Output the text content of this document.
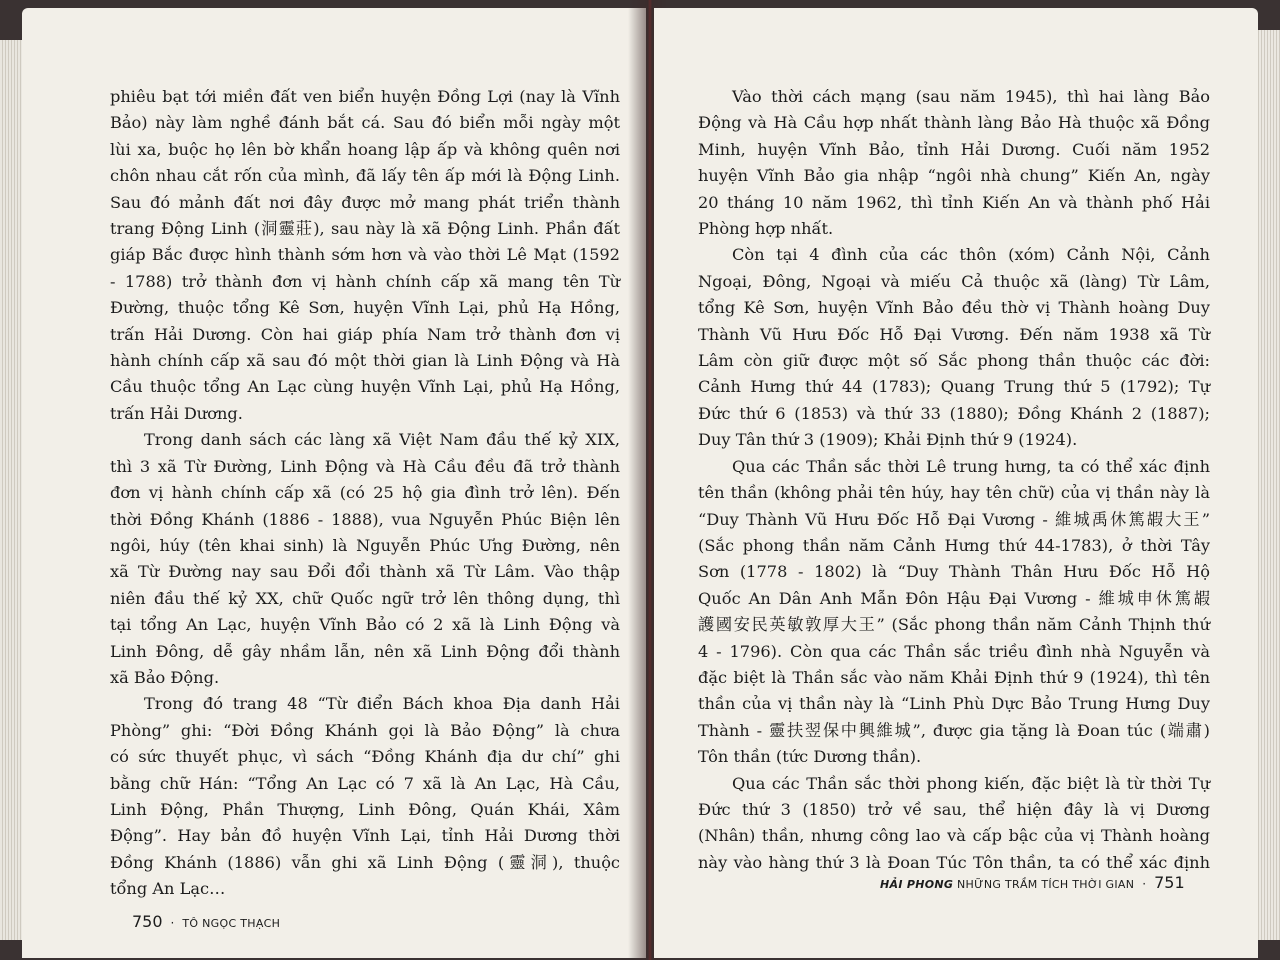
phiêu bạt tới miền đất ven biển huyện Đồng Lợi (nay là Vĩnh
Bảo) này làm nghề đánh bắt cá. Sau đó biển mỗi ngày một
lùi xa, buộc họ lên bờ khẩn hoang lập ấp và không quên nơi
chôn nhau cắt rốn của mình, đã lấy tên ấp mới là Động Linh.
Sau đó mảnh đất nơi đây được mở mang phát triển thành
trang Động Linh (洞靈莊), sau này là xã Động Linh. Phần đất
giáp Bắc được hình thành sớm hơn và vào thời Lê Mạt (1592
- 1788) trở thành đơn vị hành chính cấp xã mang tên Từ
Đường, thuộc tổng Kê Sơn, huyện Vĩnh Lại, phủ Hạ Hồng,
trấn Hải Dương. Còn hai giáp phía Nam trở thành đơn vị
hành chính cấp xã sau đó một thời gian là Linh Động và Hà
Cầu thuộc tổng An Lạc cùng huyện Vĩnh Lại, phủ Hạ Hồng,
trấn Hải Dương.
Trong danh sách các làng xã Việt Nam đầu thế kỷ XIX,
thì 3 xã Từ Đường, Linh Động và Hà Cầu đều đã trở thành
đơn vị hành chính cấp xã (có 25 hộ gia đình trở lên). Đến
thời Đồng Khánh (1886 - 1888), vua Nguyễn Phúc Biện lên
ngôi, húy (tên khai sinh) là Nguyễn Phúc Ưng Đường, nên
xã Từ Đường nay sau Đổi đổi thành xã Từ Lâm. Vào thập
niên đầu thế kỷ XX, chữ Quốc ngữ trở lên thông dụng, thì
tại tổng An Lạc, huyện Vĩnh Bảo có 2 xã là Linh Động và
Linh Đông, dễ gây nhầm lẫn, nên xã Linh Động đổi thành
xã Bảo Động.
Trong đó trang 48 “Từ điển Bách khoa Địa danh Hải
Phòng” ghi: “Đời Đồng Khánh gọi là Bảo Động” là chưa
có sức thuyết phục, vì sách “Đồng Khánh địa dư chí” ghi
bằng chữ Hán: “Tổng An Lạc có 7 xã là An Lạc, Hà Cầu,
Linh Động, Phần Thượng, Linh Đông, Quán Khái, Xâm
Động”. Hay bản đồ huyện Vĩnh Lại, tỉnh Hải Dương thời
Đồng Khánh (1886) vẫn ghi xã Linh Động (靈洞), thuộc
tổng An Lạc…
750 · TÔ NGỌC THẠCH
Vào thời cách mạng (sau năm 1945), thì hai làng Bảo
Động và Hà Cầu hợp nhất thành làng Bảo Hà thuộc xã Đồng
Minh, huyện Vĩnh Bảo, tỉnh Hải Dương. Cuối năm 1952
huyện Vĩnh Bảo gia nhập “ngôi nhà chung” Kiến An, ngày
20 tháng 10 năm 1962, thì tỉnh Kiến An và thành phố Hải
Phòng hợp nhất.
Còn tại 4 đình của các thôn (xóm) Cảnh Nội, Cảnh
Ngoại, Đông, Ngoại và miếu Cả thuộc xã (làng) Từ Lâm,
tổng Kê Sơn, huyện Vĩnh Bảo đều thờ vị Thành hoàng Duy
Thành Vũ Hưu Đốc Hỗ Đại Vương. Đến năm 1938 xã Từ
Lâm còn giữ được một số Sắc phong thần thuộc các đời:
Cảnh Hưng thứ 44 (1783); Quang Trung thứ 5 (1792); Tự
Đức thứ 6 (1853) và thứ 33 (1880); Đồng Khánh 2 (1887);
Duy Tân thứ 3 (1909); Khải Định thứ 9 (1924).
Qua các Thần sắc thời Lê trung hưng, ta có thể xác định
tên thần (không phải tên húy, hay tên chữ) của vị thần này là
“Duy Thành Vũ Hưu Đốc Hỗ Đại Vương - 維城禹休篤嘏大王”
(Sắc phong thần năm Cảnh Hưng thứ 44-1783), ở thời Tây
Sơn (1778 - 1802) là “Duy Thành Thân Hưu Đốc Hỗ Hộ
Quốc An Dân Anh Mẫn Đôn Hậu Đại Vương - 維城申休篤嘏
護國安民英敏敦厚大王” (Sắc phong thần năm Cảnh Thịnh thứ
4 - 1796). Còn qua các Thần sắc triều đình nhà Nguyễn và
đặc biệt là Thần sắc vào năm Khải Định thứ 9 (1924), thì tên
thần của vị thần này là “Linh Phù Dực Bảo Trung Hưng Duy
Thành - 靈扶翌保中興維城”, được gia tặng là Đoan túc (端肅)
Tôn thần (tức Dương thần).
Qua các Thần sắc thời phong kiến, đặc biệt là từ thời Tự
Đức thứ 3 (1850) trở về sau, thể hiện đây là vị Dương
(Nhân) thần, nhưng công lao và cấp bậc của vị Thành hoàng
này vào hàng thứ 3 là Đoan Túc Tôn thần, ta có thể xác định
HẢI PHONG NHỮNG TRẦM TÍCH THỜI GIAN · 751
